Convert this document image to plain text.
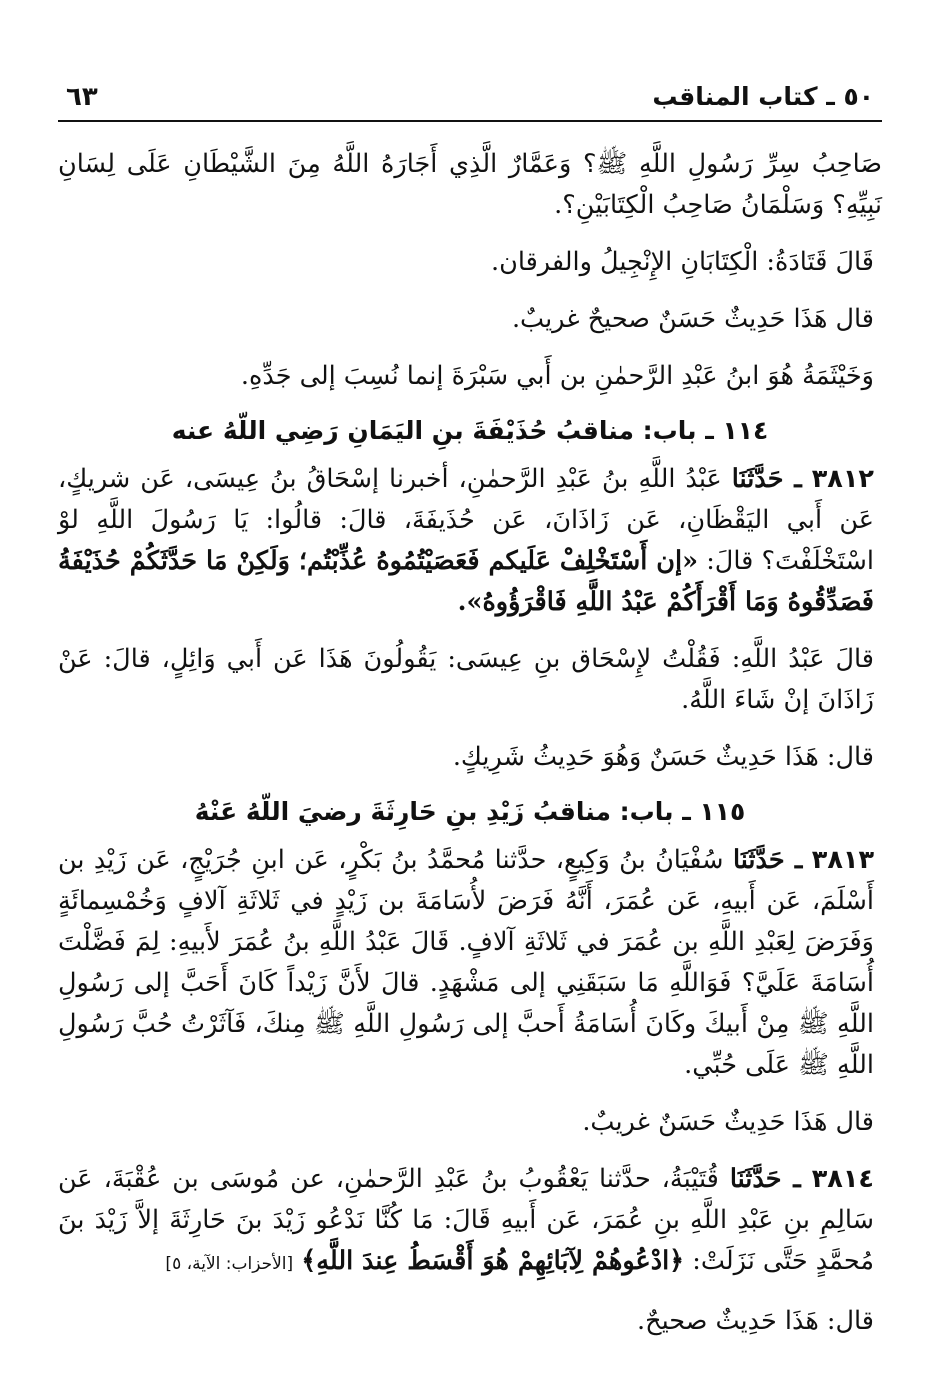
٥٠ ـ كتاب المناقب
٦٣

صَاحِبُ سِرِّ رَسُولِ اللَّهِ ﷺ؟ وَعَمَّارٌ الَّذِي أَجَارَهُ اللَّهُ مِنَ الشَّيْطَانِ عَلَى لِسَانِ نَبِيِّهِ؟ وَسَلْمَانُ صَاحِبُ الْكِتَابَيْنِ؟.

قَالَ قَتَادَةُ: الْكِتَابَانِ الإِنْجِيلُ والفرقان.

قال هَذَا حَدِيثٌ حَسَنٌ صحيحٌ غريبٌ.

وَخَيْثَمَةُ هُوَ ابنُ عَبْدِ الرَّحمٰنِ بن أَبي سَبْرَةَ إنما نُسِبَ إلى جَدِّهِ.

١١٤ ـ باب: مناقبُ حُذَيْفَةَ بنِ اليَمَانِ رَضِي اللّهُ عنه

٣٨١٢ ـ حَدَّثَنَا عَبْدُ اللَّهِ بنُ عَبْدِ الرَّحمٰنِ، أخبرنا إسْحَاقُ بنُ عِيسَى، عَن شريكٍ، عَن أَبي اليَقْظَانِ، عَن زَاذَانَ، عَن حُذَيفَةَ، قالَ: قالُوا: يَا رَسُولَ اللَّهِ لوْ اسْتَخْلَفْتَ؟ قالَ: «إن أَسْتَخْلِفْ عَلَيكم فَعَصَيْتُمُوهُ عُذِّبْتُم؛ وَلَكِنْ مَا حَدَّثَكُمْ حُذَيْفَةُ فَصَدِّقُوهُ وَمَا أَقْرَأَكُمْ عَبْدُ اللَّهِ فَاقْرَؤُوهُ».

قالَ عَبْدُ اللَّهِ: فَقُلْتُ لإِسْحَاق بنِ عِيسَى: يَقُولُونَ هَذَا عَن أَبي وَائِلٍ، قالَ: عَنْ زَاذَانَ إنْ شَاءَ اللَّهُ.

قال: هَذَا حَدِيثٌ حَسَنٌ وَهُوَ حَدِيثُ شَرِيكٍ.

١١٥ ـ باب: مناقبُ زَيْدِ بنِ حَارِثَةَ رضيَ اللّهُ عَنْهُ

٣٨١٣ ـ حَدَّثَنَا سُفْيَانُ بنُ وَكِيعٍ، حدَّثنا مُحمَّدُ بنُ بَكْرٍ، عَن ابنِ جُرَيْجٍ، عَن زَيْدِ بن أَسْلَمَ، عَن أَبيهِ، عَن عُمَرَ، أَنَّهُ فَرَضَ لأُسَامَةَ بن زَيْدٍ في ثَلاثَةِ آلافٍ وَخُمْسِمائَةٍ وَفَرَضَ لِعَبْدِ اللَّهِ بن عُمَرَ في ثَلاثَةِ آلافٍ. قَالَ عَبْدُ اللَّهِ بنُ عُمَرَ لأَبيهِ: لِمَ فَضَّلْتَ أُسَامَةَ عَلَيَّ؟ فَوَاللَّهِ مَا سَبَقَنِي إلى مَشْهَدٍ. قالَ لأَنَّ زَيْداً كَانَ أَحَبَّ إلى رَسُولِ اللَّهِ ﷺ مِنْ أَبيكَ وكَانَ أُسَامَةُ أَحبَّ إلى رَسُولِ اللَّهِ ﷺ مِنكَ، فَآثَرْتُ حُبَّ رَسُولِ اللَّهِ ﷺ عَلَى حُبِّي.

قال هَذَا حَدِيثٌ حَسَنٌ غريبٌ.

٣٨١٤ ـ حَدَّثَنَا قُتَيْبَةُ، حدَّثنا يَعْقُوبُ بنُ عَبْدِ الرَّحمٰنِ، عن مُوسَى بن عُقْبَةَ، عَن سَالِمِ بنِ عَبْدِ اللَّهِ بنِ عُمَرَ، عَن أَبيهِ قَالَ: مَا كُنَّا نَدْعُو زَيْدَ بنَ حَارِثَةَ إلاَّ زَيْدَ بنَ مُحمَّدٍ حَتَّى نَزَلَتْ: ﴿ادْعُوهُمْ لِآبَائِهِمْ هُوَ أَقْسَطُ عِندَ اللَّهِ﴾ [الأحزاب: الآية، ٥]

قال: هَذَا حَدِيثٌ صحيحٌ.
